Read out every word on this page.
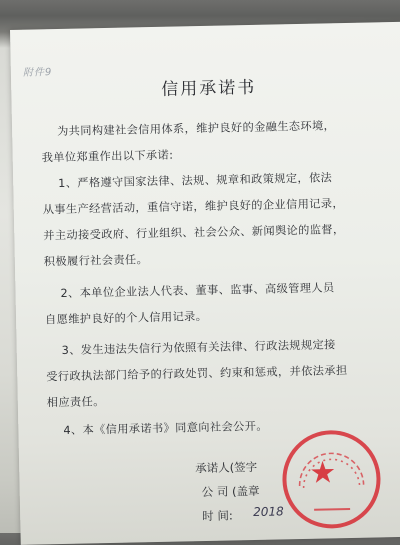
附件9
信用承诺书
为共同构建社会信用体系，维护良好的金融生态环境，
我单位郑重作出以下承诺:
1、严格遵守国家法律、法规、规章和政策规定，依法
从事生产经营活动，重信守诺，维护良好的企业信用记录，
并主动接受政府、行业组织、社会公众、新闻舆论的监督，
积极履行社会责任。
2、本单位企业法人代表、董事、监事、高级管理人员
自愿维护良好的个人信用记录。
3、发生违法失信行为依照有关法律、行政法规规定接
受行政执法部门给予的行政处罚、约束和惩戒，并依法承担
相应责任。
4、本《信用承诺书》同意向社会公开。
承诺人(签字
公 司 (盖章
时 间: 2018
★
